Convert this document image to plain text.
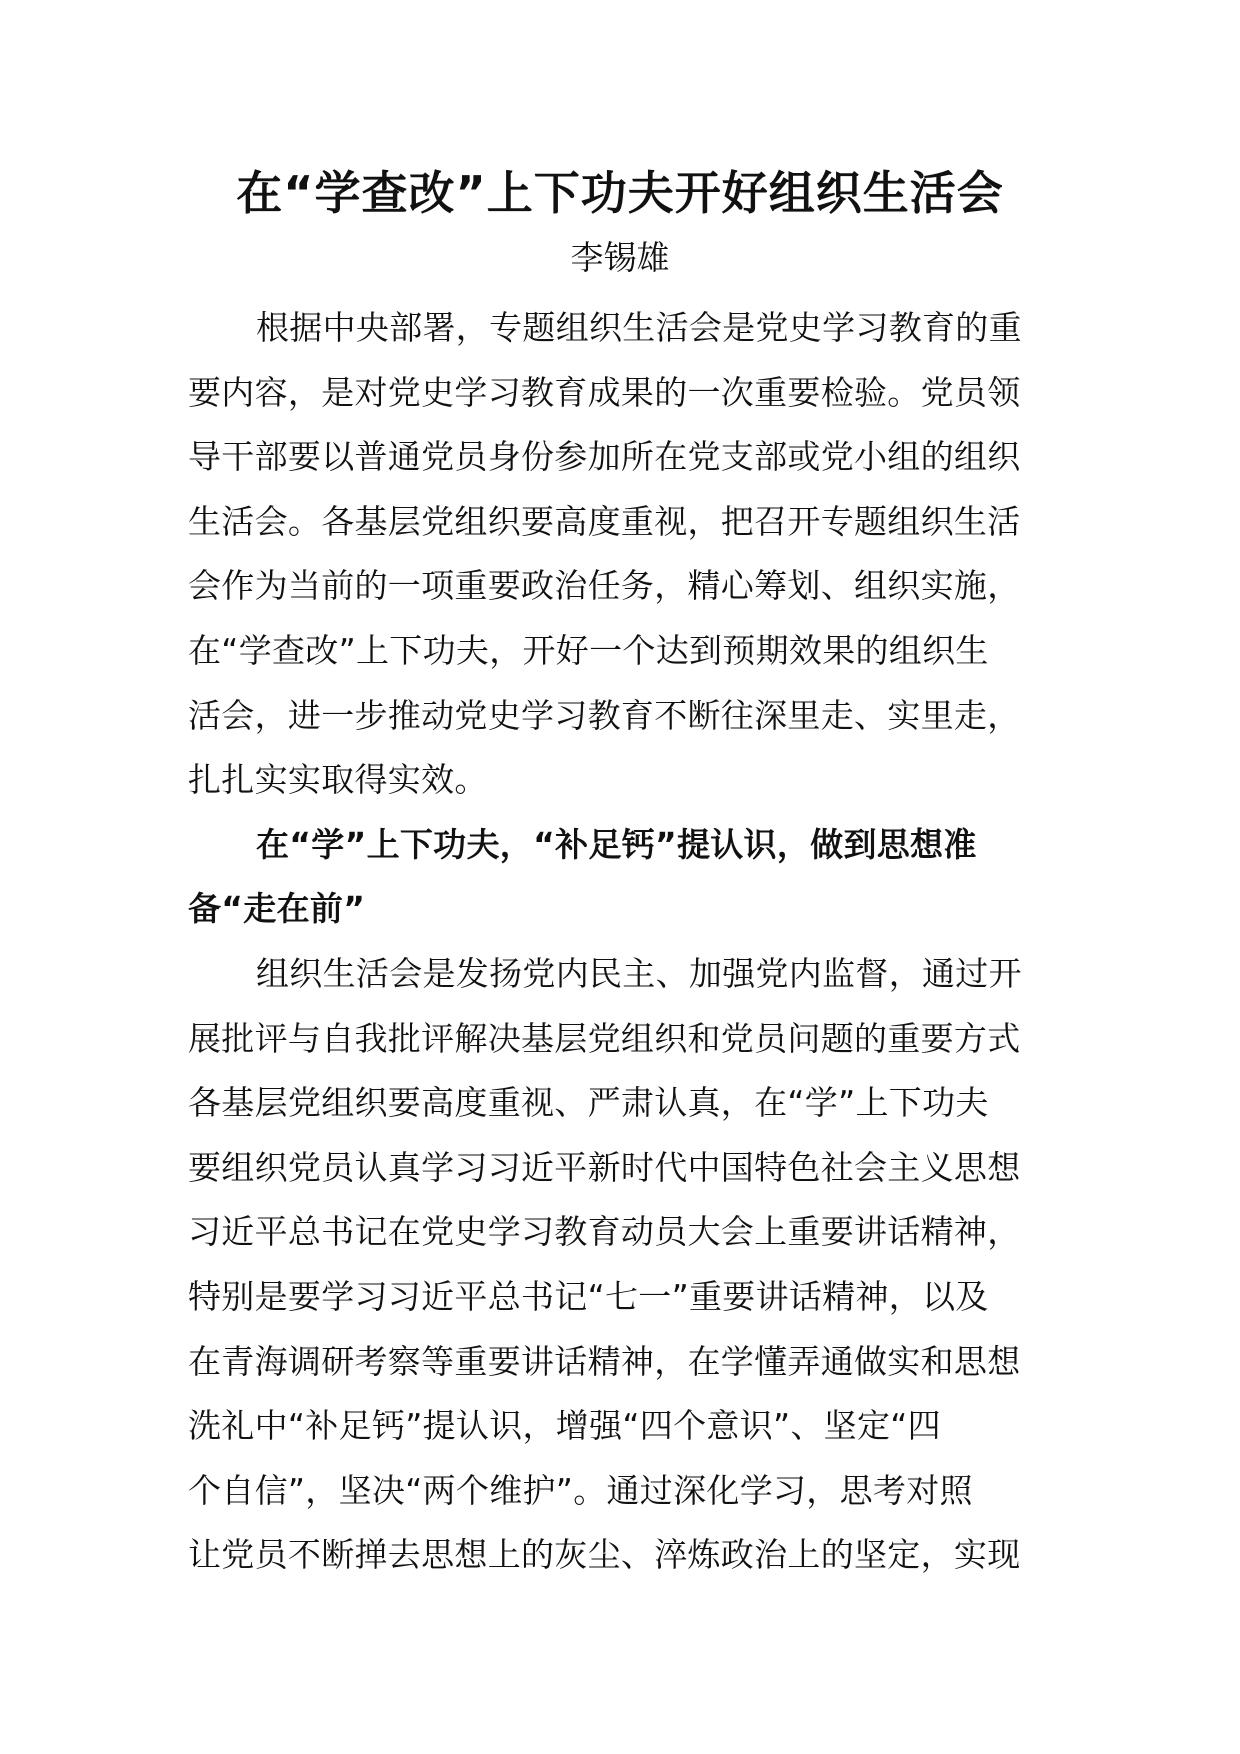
在“学查改”上下功夫开好组织生活会
李锡雄
根据中央部署，专题组织生活会是党史学习教育的重
要内容，是对党史学习教育成果的一次重要检验。党员领
导干部要以普通党员身份参加所在党支部或党小组的组织
生活会。各基层党组织要高度重视，把召开专题组织生活
会作为当前的一项重要政治任务，精心筹划、组织实施，
在“学查改”上下功夫，开好一个达到预期效果的组织生
活会，进一步推动党史学习教育不断往深里走、实里走，
扎扎实实取得实效。
在“学”上下功夫，“补足钙”提认识，做到思想准
备“走在前”
组织生活会是发扬党内民主、加强党内监督，通过开
展批评与自我批评解决基层党组织和党员问题的重要方式
各基层党组织要高度重视、严肃认真，在“学”上下功夫
要组织党员认真学习习近平新时代中国特色社会主义思想
习近平总书记在党史学习教育动员大会上重要讲话精神，
特别是要学习习近平总书记“七一”重要讲话精神，以及
在青海调研考察等重要讲话精神，在学懂弄通做实和思想
洗礼中“补足钙”提认识，增强“四个意识”、坚定“四
个自信”，坚决“两个维护”。通过深化学习，思考对照
让党员不断掸去思想上的灰尘、淬炼政治上的坚定，实现
